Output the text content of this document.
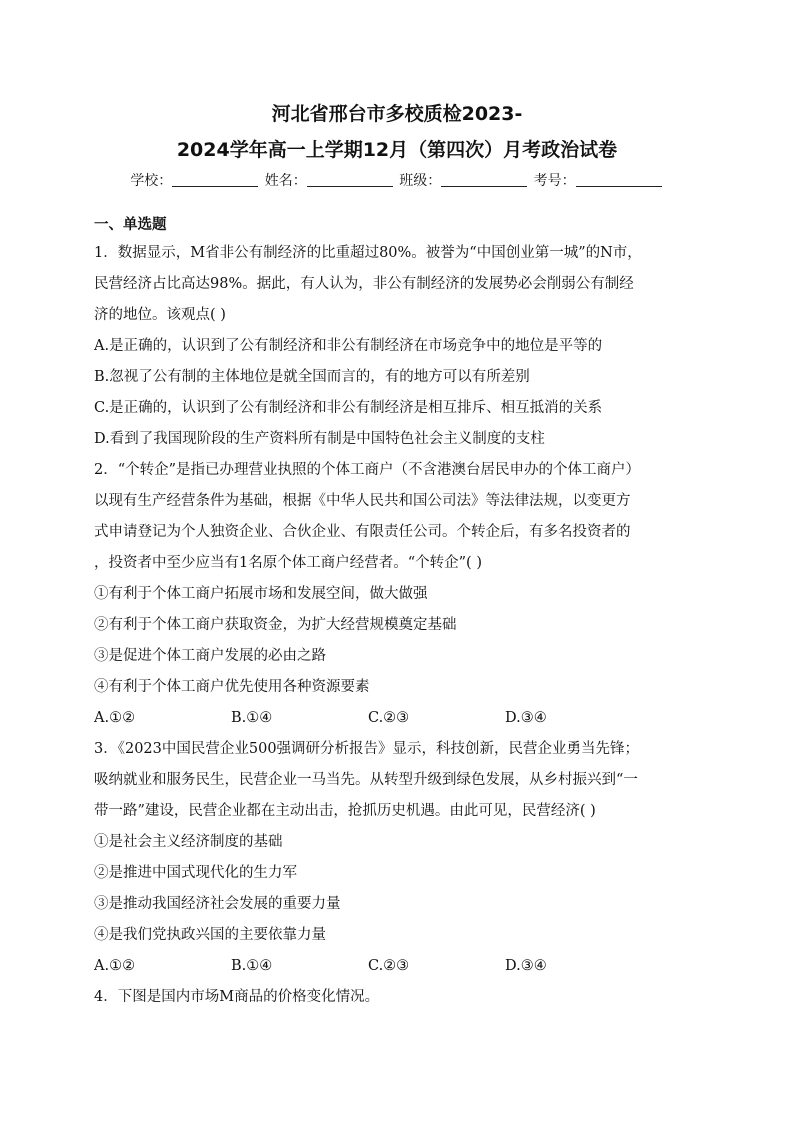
河北省邢台市多校质检2023-
2024学年高一上学期12月（第四次）月考政治试卷
学校：	姓名：	班级：	考号：
一、单选题
1．数据显示，M省非公有制经济的比重超过80%。被誉为“中国创业第一城”的N市，
民营经济占比高达98%。据此，有人认为，非公有制经济的发展势必会削弱公有制经
济的地位。该观点( )
A.是正确的，认识到了公有制经济和非公有制经济在市场竞争中的地位是平等的
B.忽视了公有制的主体地位是就全国而言的，有的地方可以有所差别
C.是正确的，认识到了公有制经济和非公有制经济是相互排斥、相互抵消的关系
D.看到了我国现阶段的生产资料所有制是中国特色社会主义制度的支柱
2．“个转企”是指已办理营业执照的个体工商户（不含港澳台居民申办的个体工商户）
以现有生产经营条件为基础，根据《中华人民共和国公司法》等法律法规，以变更方
式申请登记为个人独资企业、合伙企业、有限责任公司。个转企后，有多名投资者的
，投资者中至少应当有1名原个体工商户经营者。“个转企”( )
①有利于个体工商户拓展市场和发展空间，做大做强
②有利于个体工商户获取资金，为扩大经营规模奠定基础
③是促进个体工商户发展的必由之路
④有利于个体工商户优先使用各种资源要素
A.①②	B.①④	C.②③	D.③④
3．《2023中国民营企业500强调研分析报告》显示，科技创新，民营企业勇当先锋；
吸纳就业和服务民生，民营企业一马当先。从转型升级到绿色发展，从乡村振兴到“一
带一路”建设，民营企业都在主动出击，抢抓历史机遇。由此可见，民营经济( )
①是社会主义经济制度的基础
②是推进中国式现代化的生力军
③是推动我国经济社会发展的重要力量
④是我们党执政兴国的主要依靠力量
A.①②	B.①④	C.②③	D.③④
4．下图是国内市场M商品的价格变化情况。
